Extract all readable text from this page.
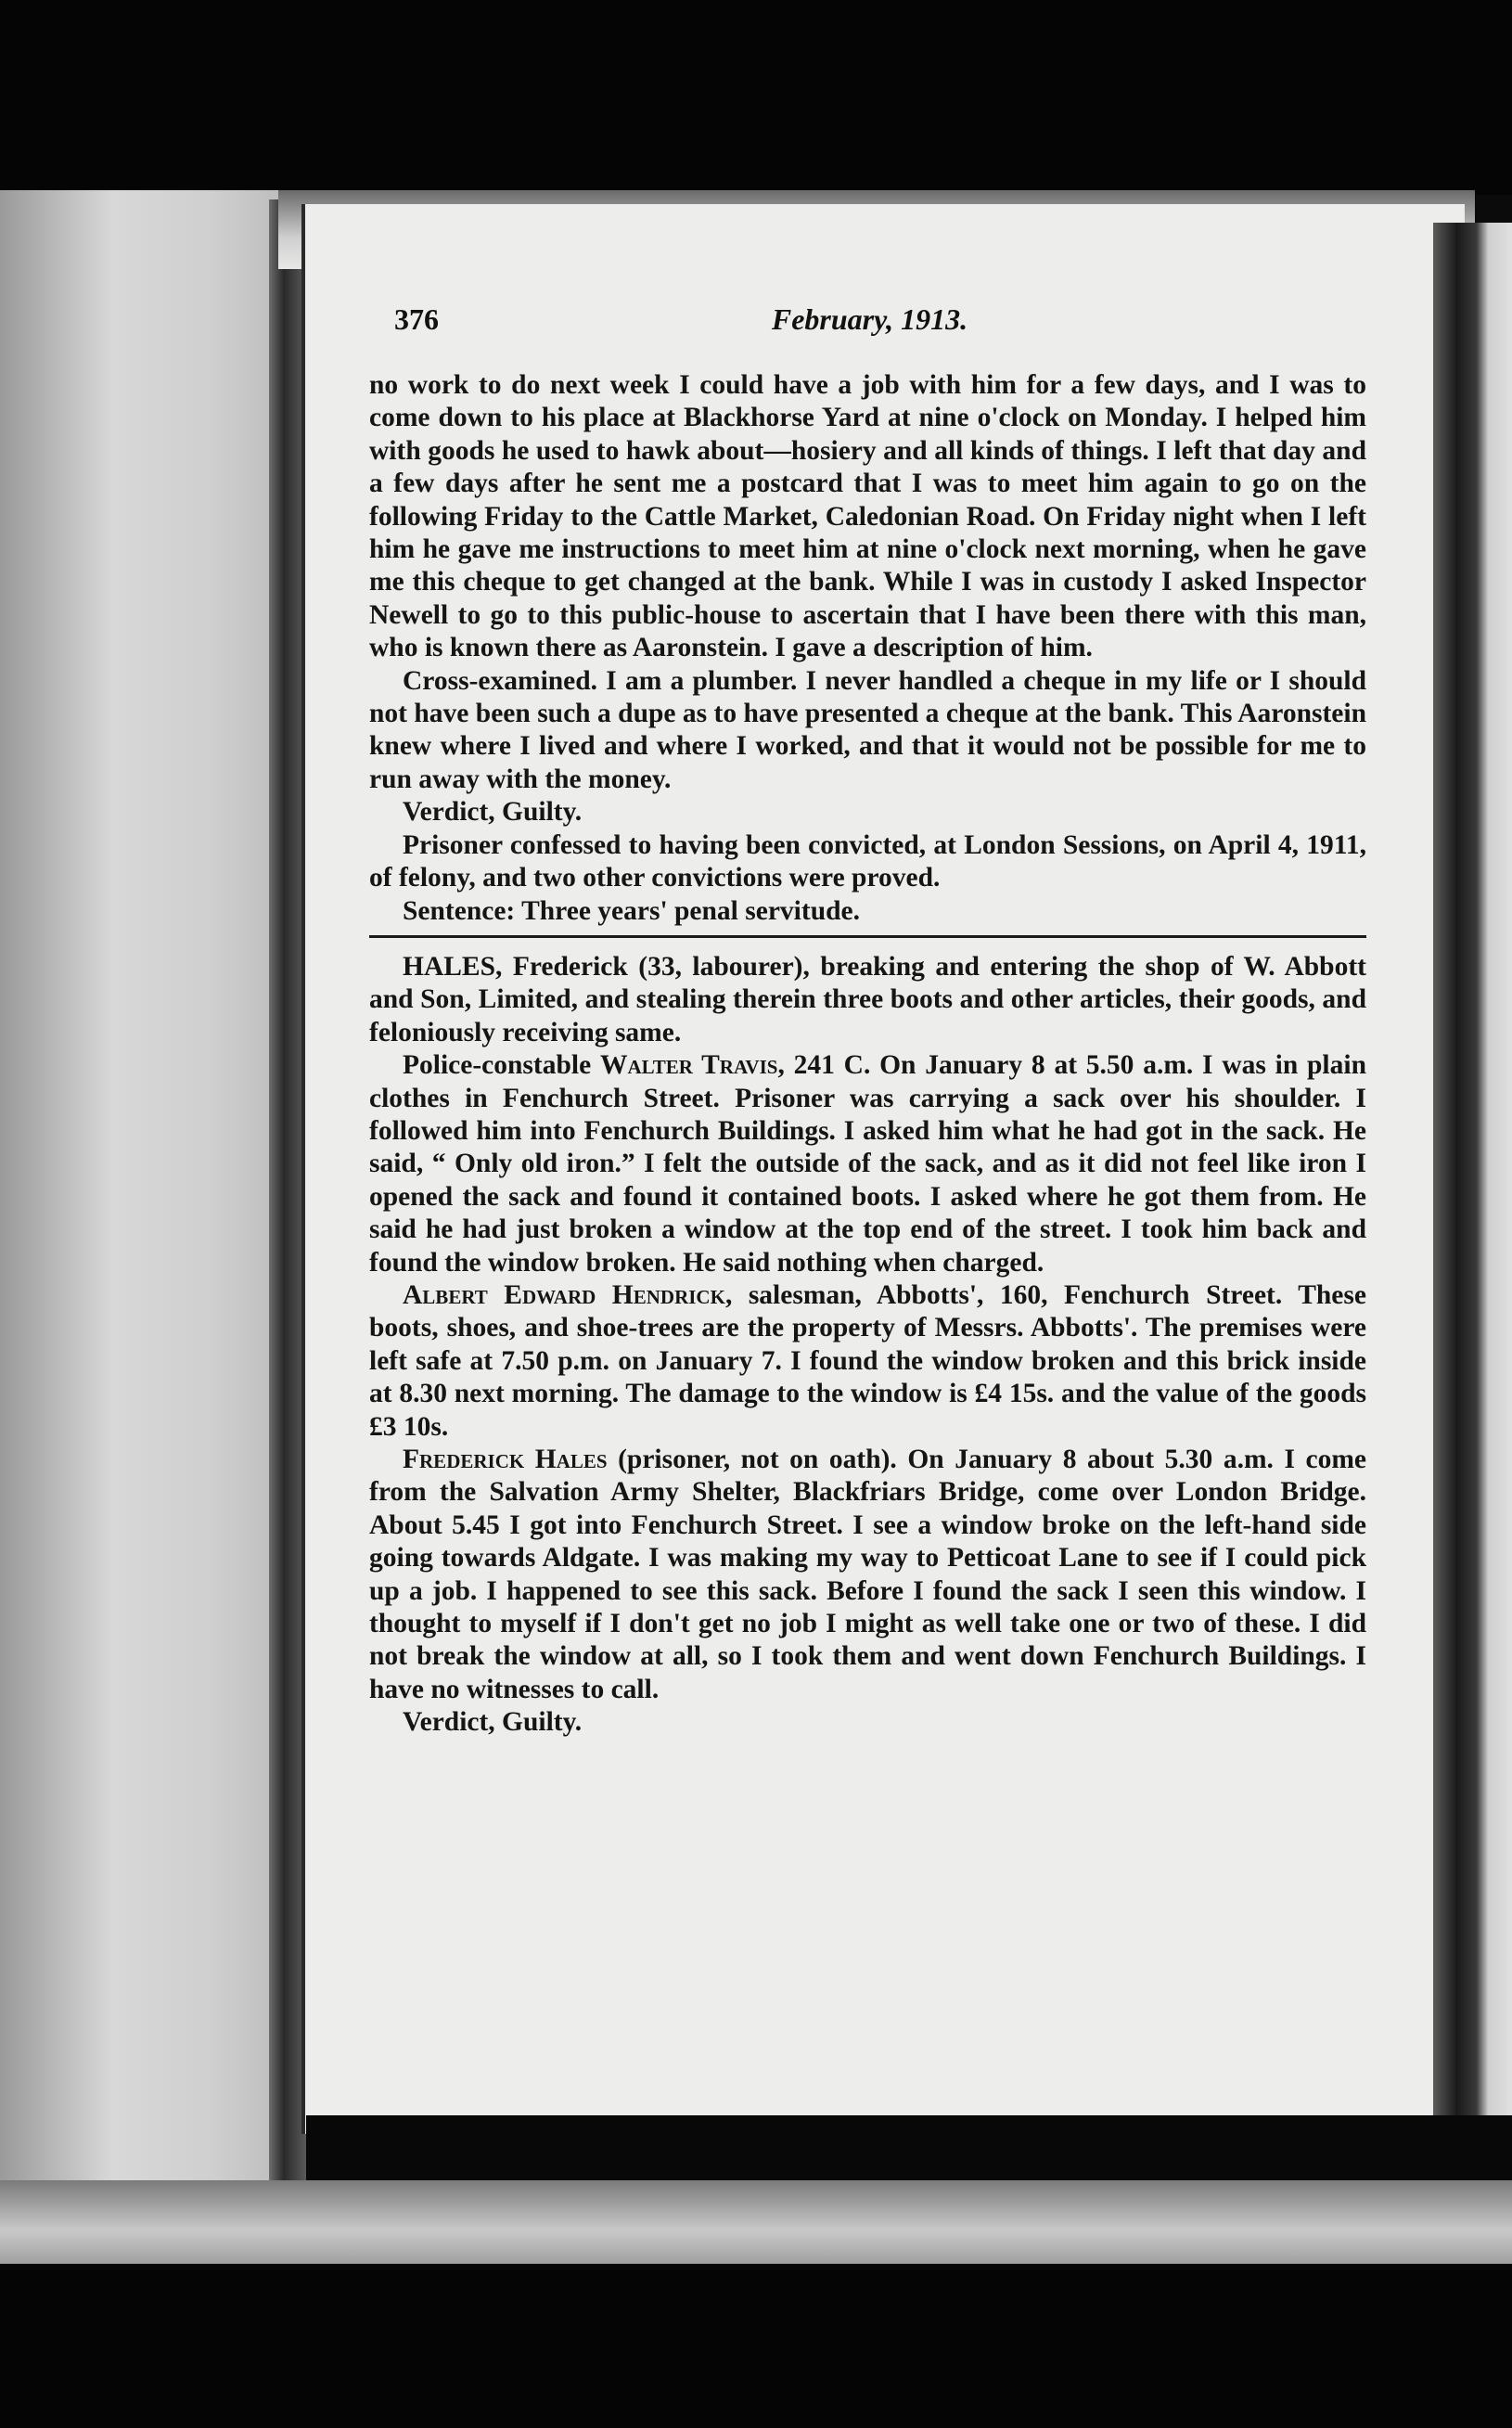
376	February, 1913.

no work to do next week I could have a job with him for a few days, and I was to come down to his place at Blackhorse Yard at nine o'clock on Monday. I helped him with goods he used to hawk about—hosiery and all kinds of things. I left that day and a few days after he sent me a postcard that I was to meet him again to go on the following Friday to the Cattle Market, Caledonian Road. On Friday night when I left him he gave me instructions to meet him at nine o'clock next morning, when he gave me this cheque to get changed at the bank. While I was in custody I asked Inspector Newell to go to this public-house to ascertain that I have been there with this man, who is known there as Aaronstein. I gave a description of him.

Cross-examined. I am a plumber. I never handled a cheque in my life or I should not have been such a dupe as to have presented a cheque at the bank. This Aaronstein knew where I lived and where I worked, and that it would not be possible for me to run away with the money.

Verdict, Guilty.

Prisoner confessed to having been convicted, at London Sessions, on April 4, 1911, of felony, and two other convictions were proved.

Sentence: Three years' penal servitude.

HALES, Frederick (33, labourer), breaking and entering the shop of W. Abbott and Son, Limited, and stealing therein three boots and other articles, their goods, and feloniously receiving same.

Police-constable Walter Travis, 241 C. On January 8 at 5.50 a.m. I was in plain clothes in Fenchurch Street. Prisoner was carrying a sack over his shoulder. I followed him into Fenchurch Buildings. I asked him what he had got in the sack. He said, “ Only old iron.” I felt the outside of the sack, and as it did not feel like iron I opened the sack and found it contained boots. I asked where he got them from. He said he had just broken a window at the top end of the street. I took him back and found the window broken. He said nothing when charged.

Albert Edward Hendrick, salesman, Abbotts', 160, Fenchurch Street. These boots, shoes, and shoe-trees are the property of Messrs. Abbotts'. The premises were left safe at 7.50 p.m. on January 7. I found the window broken and this brick inside at 8.30 next morning. The damage to the window is £4 15s. and the value of the goods £3 10s.

Frederick Hales (prisoner, not on oath). On January 8 about 5.30 a.m. I come from the Salvation Army Shelter, Blackfriars Bridge, come over London Bridge. About 5.45 I got into Fenchurch Street. I see a window broke on the left-hand side going towards Aldgate. I was making my way to Petticoat Lane to see if I could pick up a job. I happened to see this sack. Before I found the sack I seen this window. I thought to myself if I don't get no job I might as well take one or two of these. I did not break the window at all, so I took them and went down Fenchurch Buildings. I have no witnesses to call.

Verdict, Guilty.
